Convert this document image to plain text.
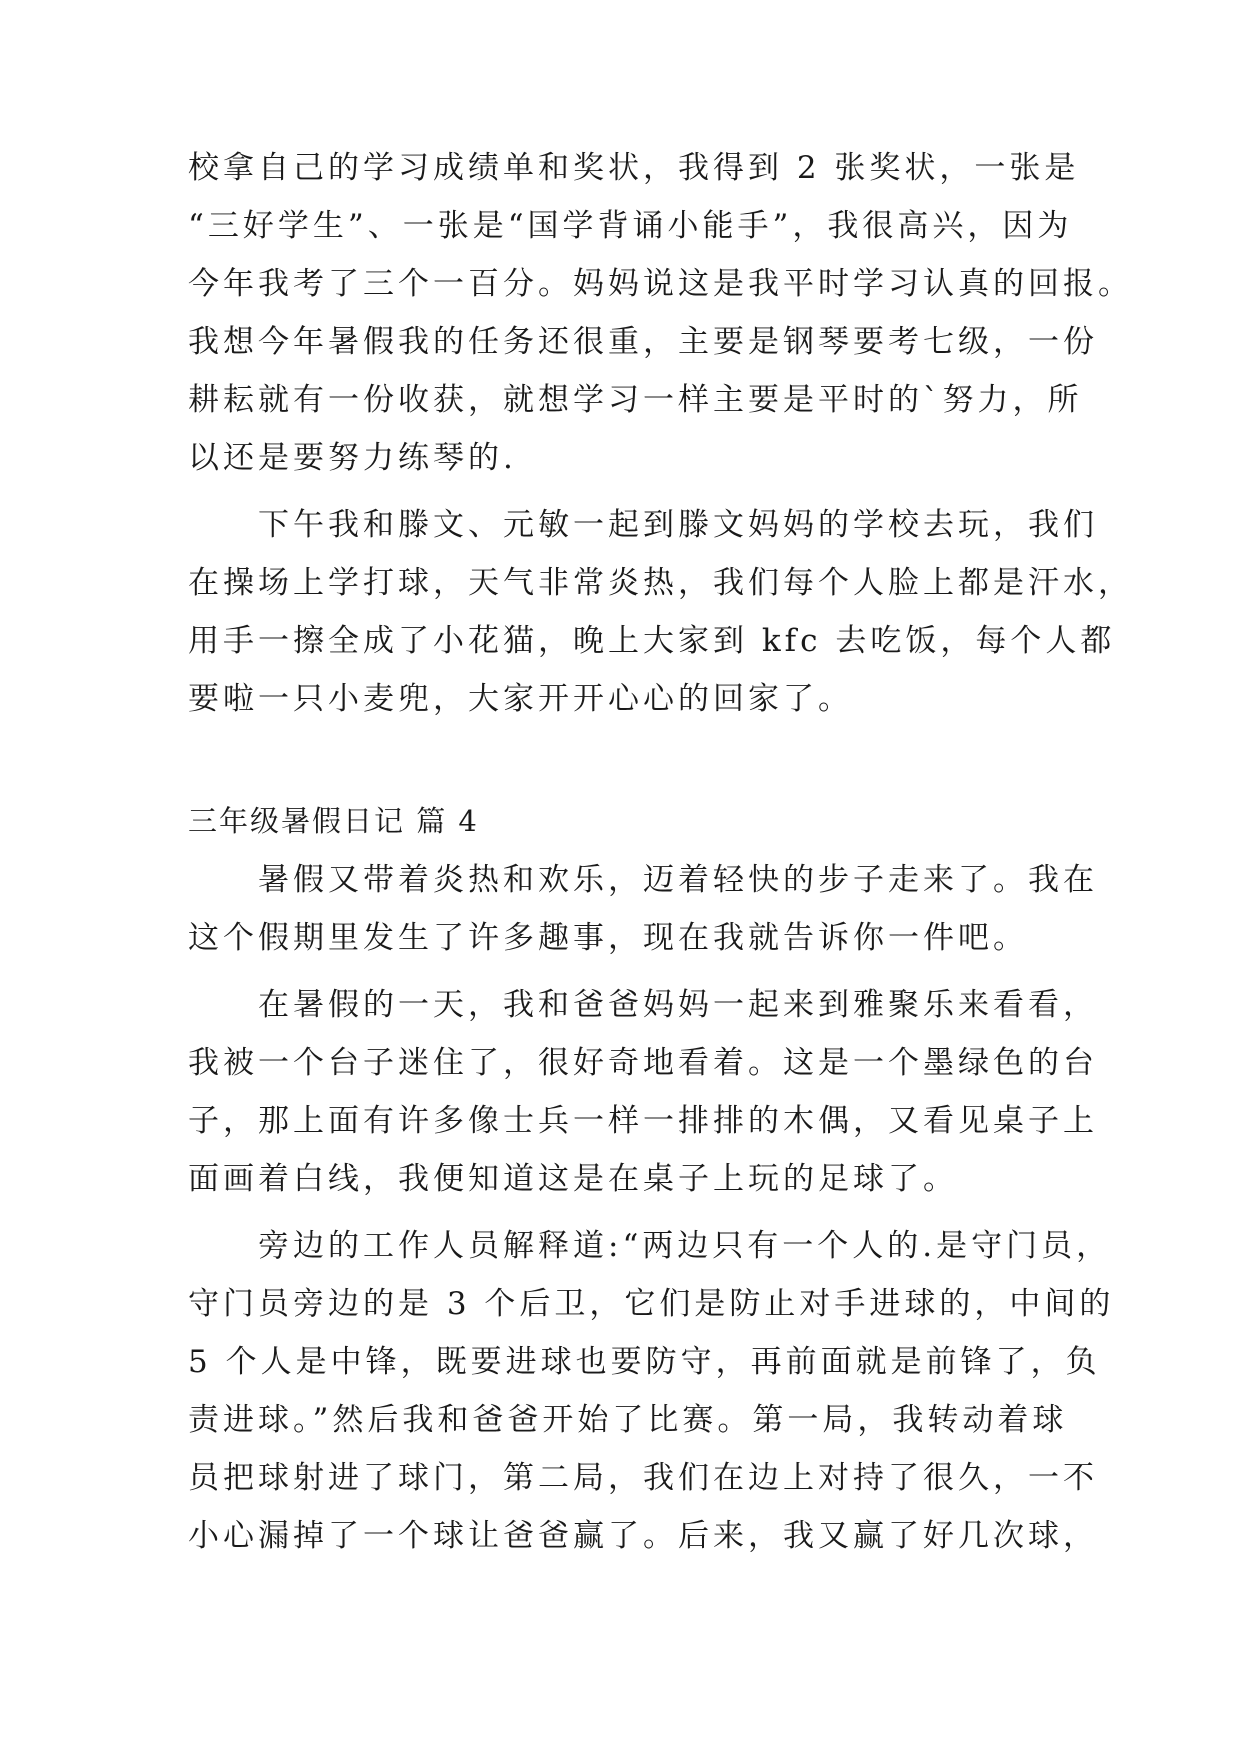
校拿自己的学习成绩单和奖状，我得到 2 张奖状，一张是
“三好学生”、一张是“国学背诵小能手”，我很高兴，因为
今年我考了三个一百分。妈妈说这是我平时学习认真的回报。
我想今年暑假我的任务还很重，主要是钢琴要考七级，一份
耕耘就有一份收获，就想学习一样主要是平时的`努力，所
以还是要努力练琴的.
下午我和滕文、元敏一起到滕文妈妈的学校去玩，我们
在操场上学打球，天气非常炎热，我们每个人脸上都是汗水，
用手一擦全成了小花猫，晚上大家到 kfc 去吃饭，每个人都
要啦一只小麦兜，大家开开心心的回家了。
三年级暑假日记 篇 4
暑假又带着炎热和欢乐，迈着轻快的步子走来了。我在
这个假期里发生了许多趣事，现在我就告诉你一件吧。
在暑假的一天，我和爸爸妈妈一起来到雅聚乐来看看，
我被一个台子迷住了，很好奇地看着。这是一个墨绿色的台
子，那上面有许多像士兵一样一排排的木偶，又看见桌子上
面画着白线，我便知道这是在桌子上玩的足球了。
旁边的工作人员解释道:“两边只有一个人的.是守门员，
守门员旁边的是 3 个后卫，它们是防止对手进球的，中间的
5 个人是中锋，既要进球也要防守，再前面就是前锋了，负
责进球。”然后我和爸爸开始了比赛。第一局，我转动着球
员把球射进了球门，第二局，我们在边上对持了很久，一不
小心漏掉了一个球让爸爸赢了。后来，我又赢了好几次球，
